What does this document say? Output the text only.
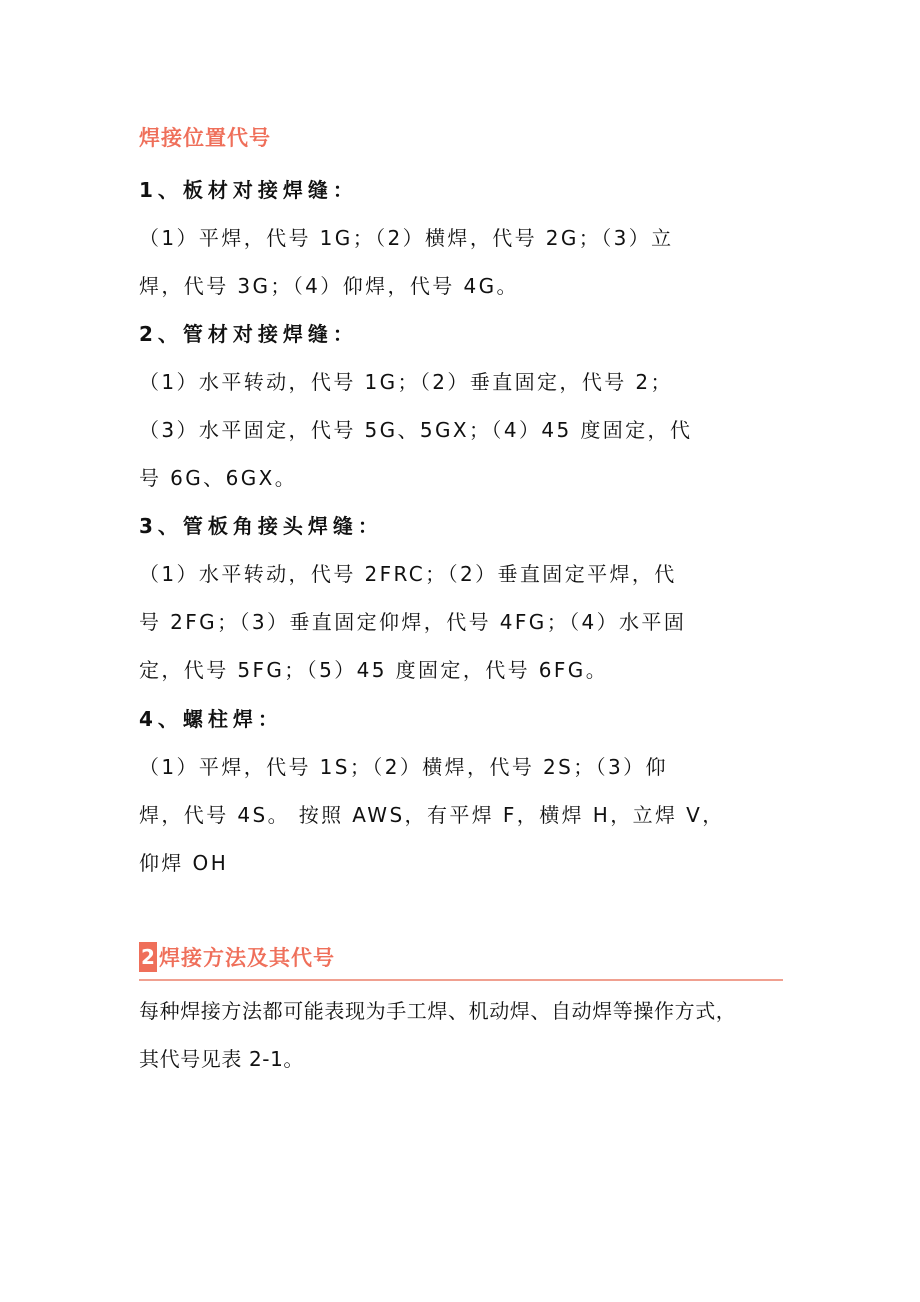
焊接位置代号
1、板材对接焊缝：
（1）平焊，代号 1G；（2）横焊，代号 2G；（3）立
焊，代号 3G；（4）仰焊，代号 4G。
2、管材对接焊缝：
（1）水平转动，代号 1G；（2）垂直固定，代号 2；
（3）水平固定，代号 5G、5GX；（4）45 度固定，代
号 6G、6GX。
3、管板角接头焊缝：
（1）水平转动，代号 2FRC；（2）垂直固定平焊，代
号 2FG；（3）垂直固定仰焊，代号 4FG；（4）水平固
定，代号 5FG；（5）45 度固定，代号 6FG。
4、螺柱焊：
（1）平焊，代号 1S；（2）横焊，代号 2S；（3）仰
焊，代号 4S。 按照 AWS，有平焊 F，横焊 H，立焊 V，
仰焊 OH
2 焊接方法及其代号
每种焊接方法都可能表现为手工焊、机动焊、自动焊等操作方式，
其代号见表 2-1。
